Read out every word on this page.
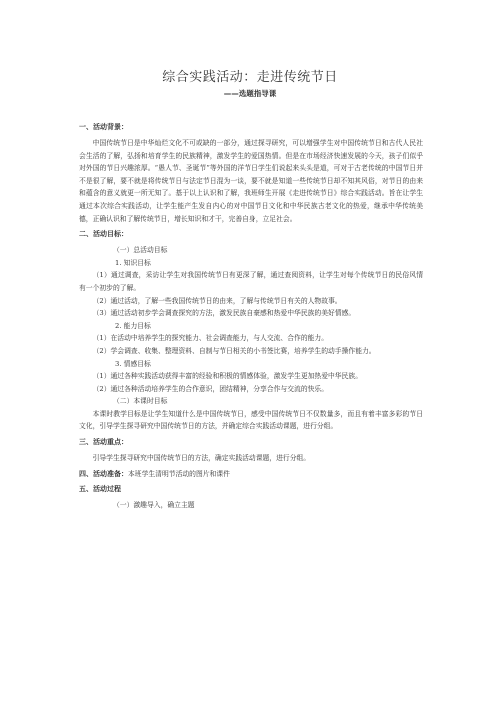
综合实践活动：走进传统节日
——选题指导课
一、活动背景：

中国传统节日是中华灿烂文化不可或缺的一部分，通过探寻研究，可以增强学生对中国传统节日和古代人民社会生活的了解，弘扬和培育学生的民族精神，激发学生的爱国热情。但是在市场经济快速发展的今天，孩子们似乎对外国的节日兴趣浓厚。“愚人节、圣诞节”等外国的洋节日学生们说起来头头是道，可对于古老传统的中国节日并不是很了解，要不就是将传统节日与法定节日混为一谈，要不就是知道一些传统节日却不知其风俗，对节日的由来和蕴含的意义就更一所无知了。基于以上认识和了解，我班师生开展《走进传统节日》综合实践活动。旨在让学生通过本次综合实践活动，让学生能产生发自内心的对中国节日文化和中华民族古老文化的热爱，继承中华传统美德，正确认识和了解传统节日，增长知识和才干，完善自身，立足社会。

二、活动目标：

（一）总活动目标

1. 知识目标

（1）通过调查，采访让学生对我国传统节日有更深了解，通过查阅资料，让学生对每个传统节日的民俗风情有一个初步的了解。

（2）通过活动，了解一些我国传统节日的由来，了解与传统节日有关的人物故事。

（3）通过活动初步学会调查探究的方法，激发民族自豪感和热爱中华民族的美好情感。

2. 能力目标

（1）在活动中培养学生的探究能力、社会调查能力，与人交流、合作的能力。

（2）学会调查、收集、整理资料、自制与节日相关的小书签比赛，培养学生的动手操作能力。

3. 情感目标

（1）通过各种实践活动获得丰富的经验和积极的情感体验，激发学生更加热爱中华民族。

（2）通过各种活动培养学生的合作意识，团结精神，分享合作与交流的快乐。

（二）本课时目标

本课时教学目标是让学生知道什么是中国传统节日，感受中国传统节日不仅数量多，而且有着丰富多彩的节日文化，引导学生探寻研究中国传统节日的方法，并确定综合实践活动课题，进行分组。

三、活动重点：

引导学生探寻研究中国传统节日的方法，确定实践活动课题，进行分组。

四、活动准备：本班学生清明节活动的图片和课件
五、活动过程

（一）激趣导入，确立主题
